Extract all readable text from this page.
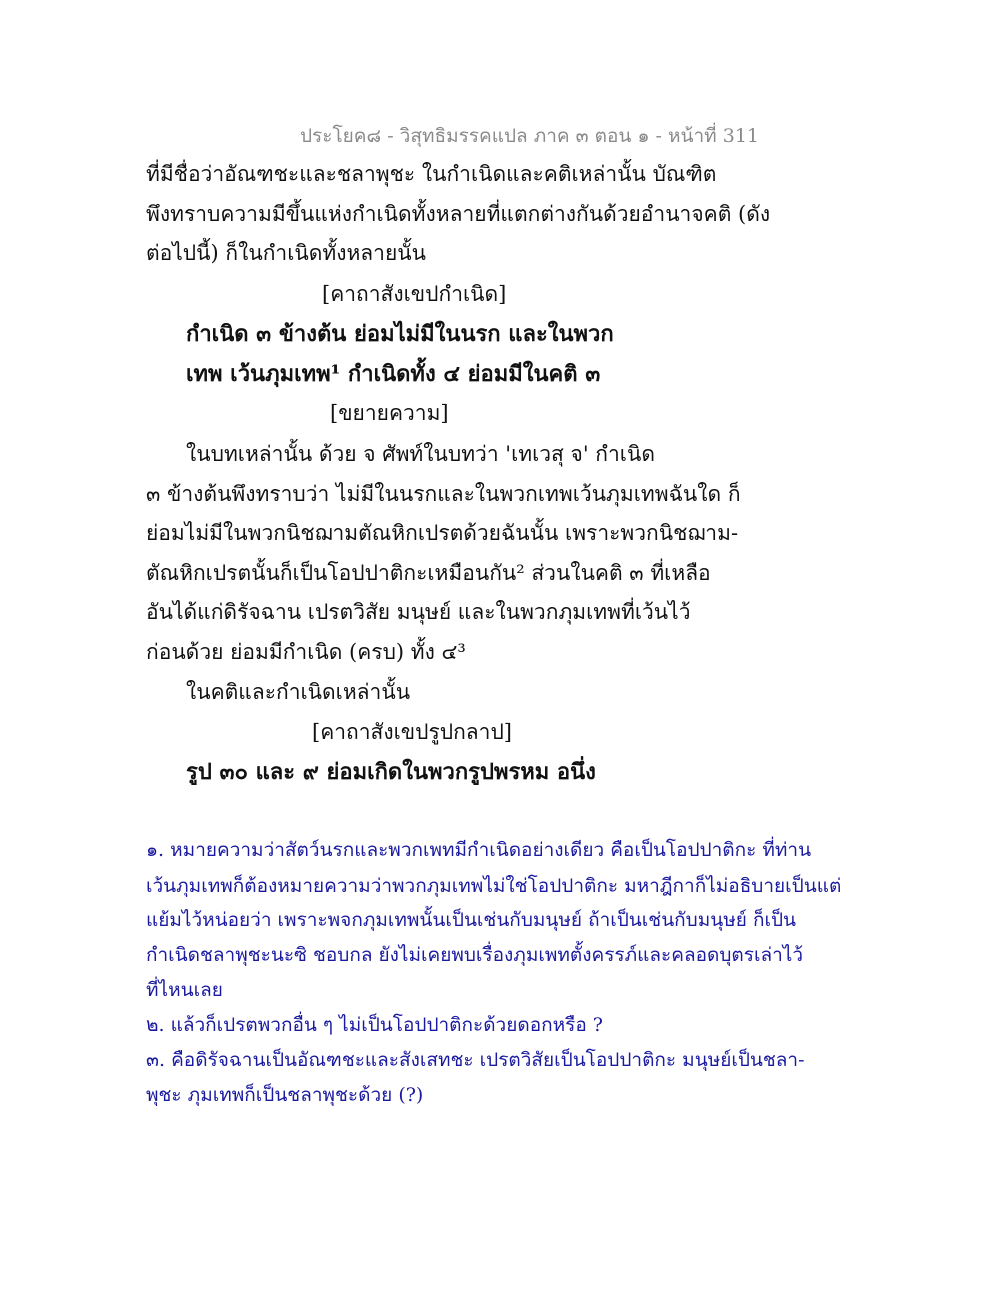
ประโยค๘ - วิสุทธิมรรคแปล ภาค ๓ ตอน ๑ - หน้าที่ 311
ที่มีชื่อว่าอัณฑชะและชลาพุชะ ในกำเนิดและคติเหล่านั้น บัณฑิต
พึงทราบความมีขึ้นแห่งกำเนิดทั้งหลายที่แตกต่างกันด้วยอำนาจคติ (ดัง
ต่อไปนี้) ก็ในกำเนิดทั้งหลายนั้น
[คาถาสังเขปกำเนิด]
กำเนิด ๓ ข้างต้น ย่อมไม่มีในนรก และในพวก
เทพ เว้นภุมเทพ¹ กำเนิดทั้ง ๔ ย่อมมีในคติ ๓
[ขยายความ]
ในบทเหล่านั้น ด้วย จ ศัพท์ในบทว่า 'เทเวสุ จ' กำเนิด
๓ ข้างต้นพึงทราบว่า ไม่มีในนรกและในพวกเทพเว้นภุมเทพฉันใด ก็
ย่อมไม่มีในพวกนิชฌามตัณหิกเปรตด้วยฉันนั้น เพราะพวกนิชฌาม-
ตัณหิกเปรตนั้นก็เป็นโอปปาติกะเหมือนกัน² ส่วนในคติ ๓ ที่เหลือ
อันได้แก่ดิรัจฉาน เปรตวิสัย มนุษย์ และในพวกภุมเทพที่เว้นไว้
ก่อนด้วย ย่อมมีกำเนิด (ครบ) ทั้ง ๔³
ในคติและกำเนิดเหล่านั้น
[คาถาสังเขปรูปกลาป]
รูป ๓๐ และ ๙ ย่อมเกิดในพวกรูปพรหม อนึ่ง
๑. หมายความว่าสัตว์นรกและพวกเพทมีกำเนิดอย่างเดียว คือเป็นโอปปาติกะ ที่ท่าน
เว้นภุมเทพก็ต้องหมายความว่าพวกภุมเทพไม่ใช่โอปปาติกะ มหาฎีกาก็ไม่อธิบายเป็นแต่
แย้มไว้หน่อยว่า เพราะพจกภุมเทพนั้นเป็นเช่นกับมนุษย์ ถ้าเป็นเช่นกับมนุษย์ ก็เป็น
กำเนิดชลาพุชะนะซิ ชอบกล ยังไม่เคยพบเรื่องภุมเพทตั้งครรภ์และคลอดบุตรเล่าไว้
ที่ไหนเลย
๒. แล้วก็เปรตพวกอื่น ๆ ไม่เป็นโอปปาติกะด้วยดอกหรือ ?
๓. คือดิรัจฉานเป็นอัณฑชะและสังเสทชะ เปรตวิสัยเป็นโอปปาติกะ มนุษย์เป็นชลา-
พุชะ ภุมเทพก็เป็นชลาพุชะด้วย (?)
